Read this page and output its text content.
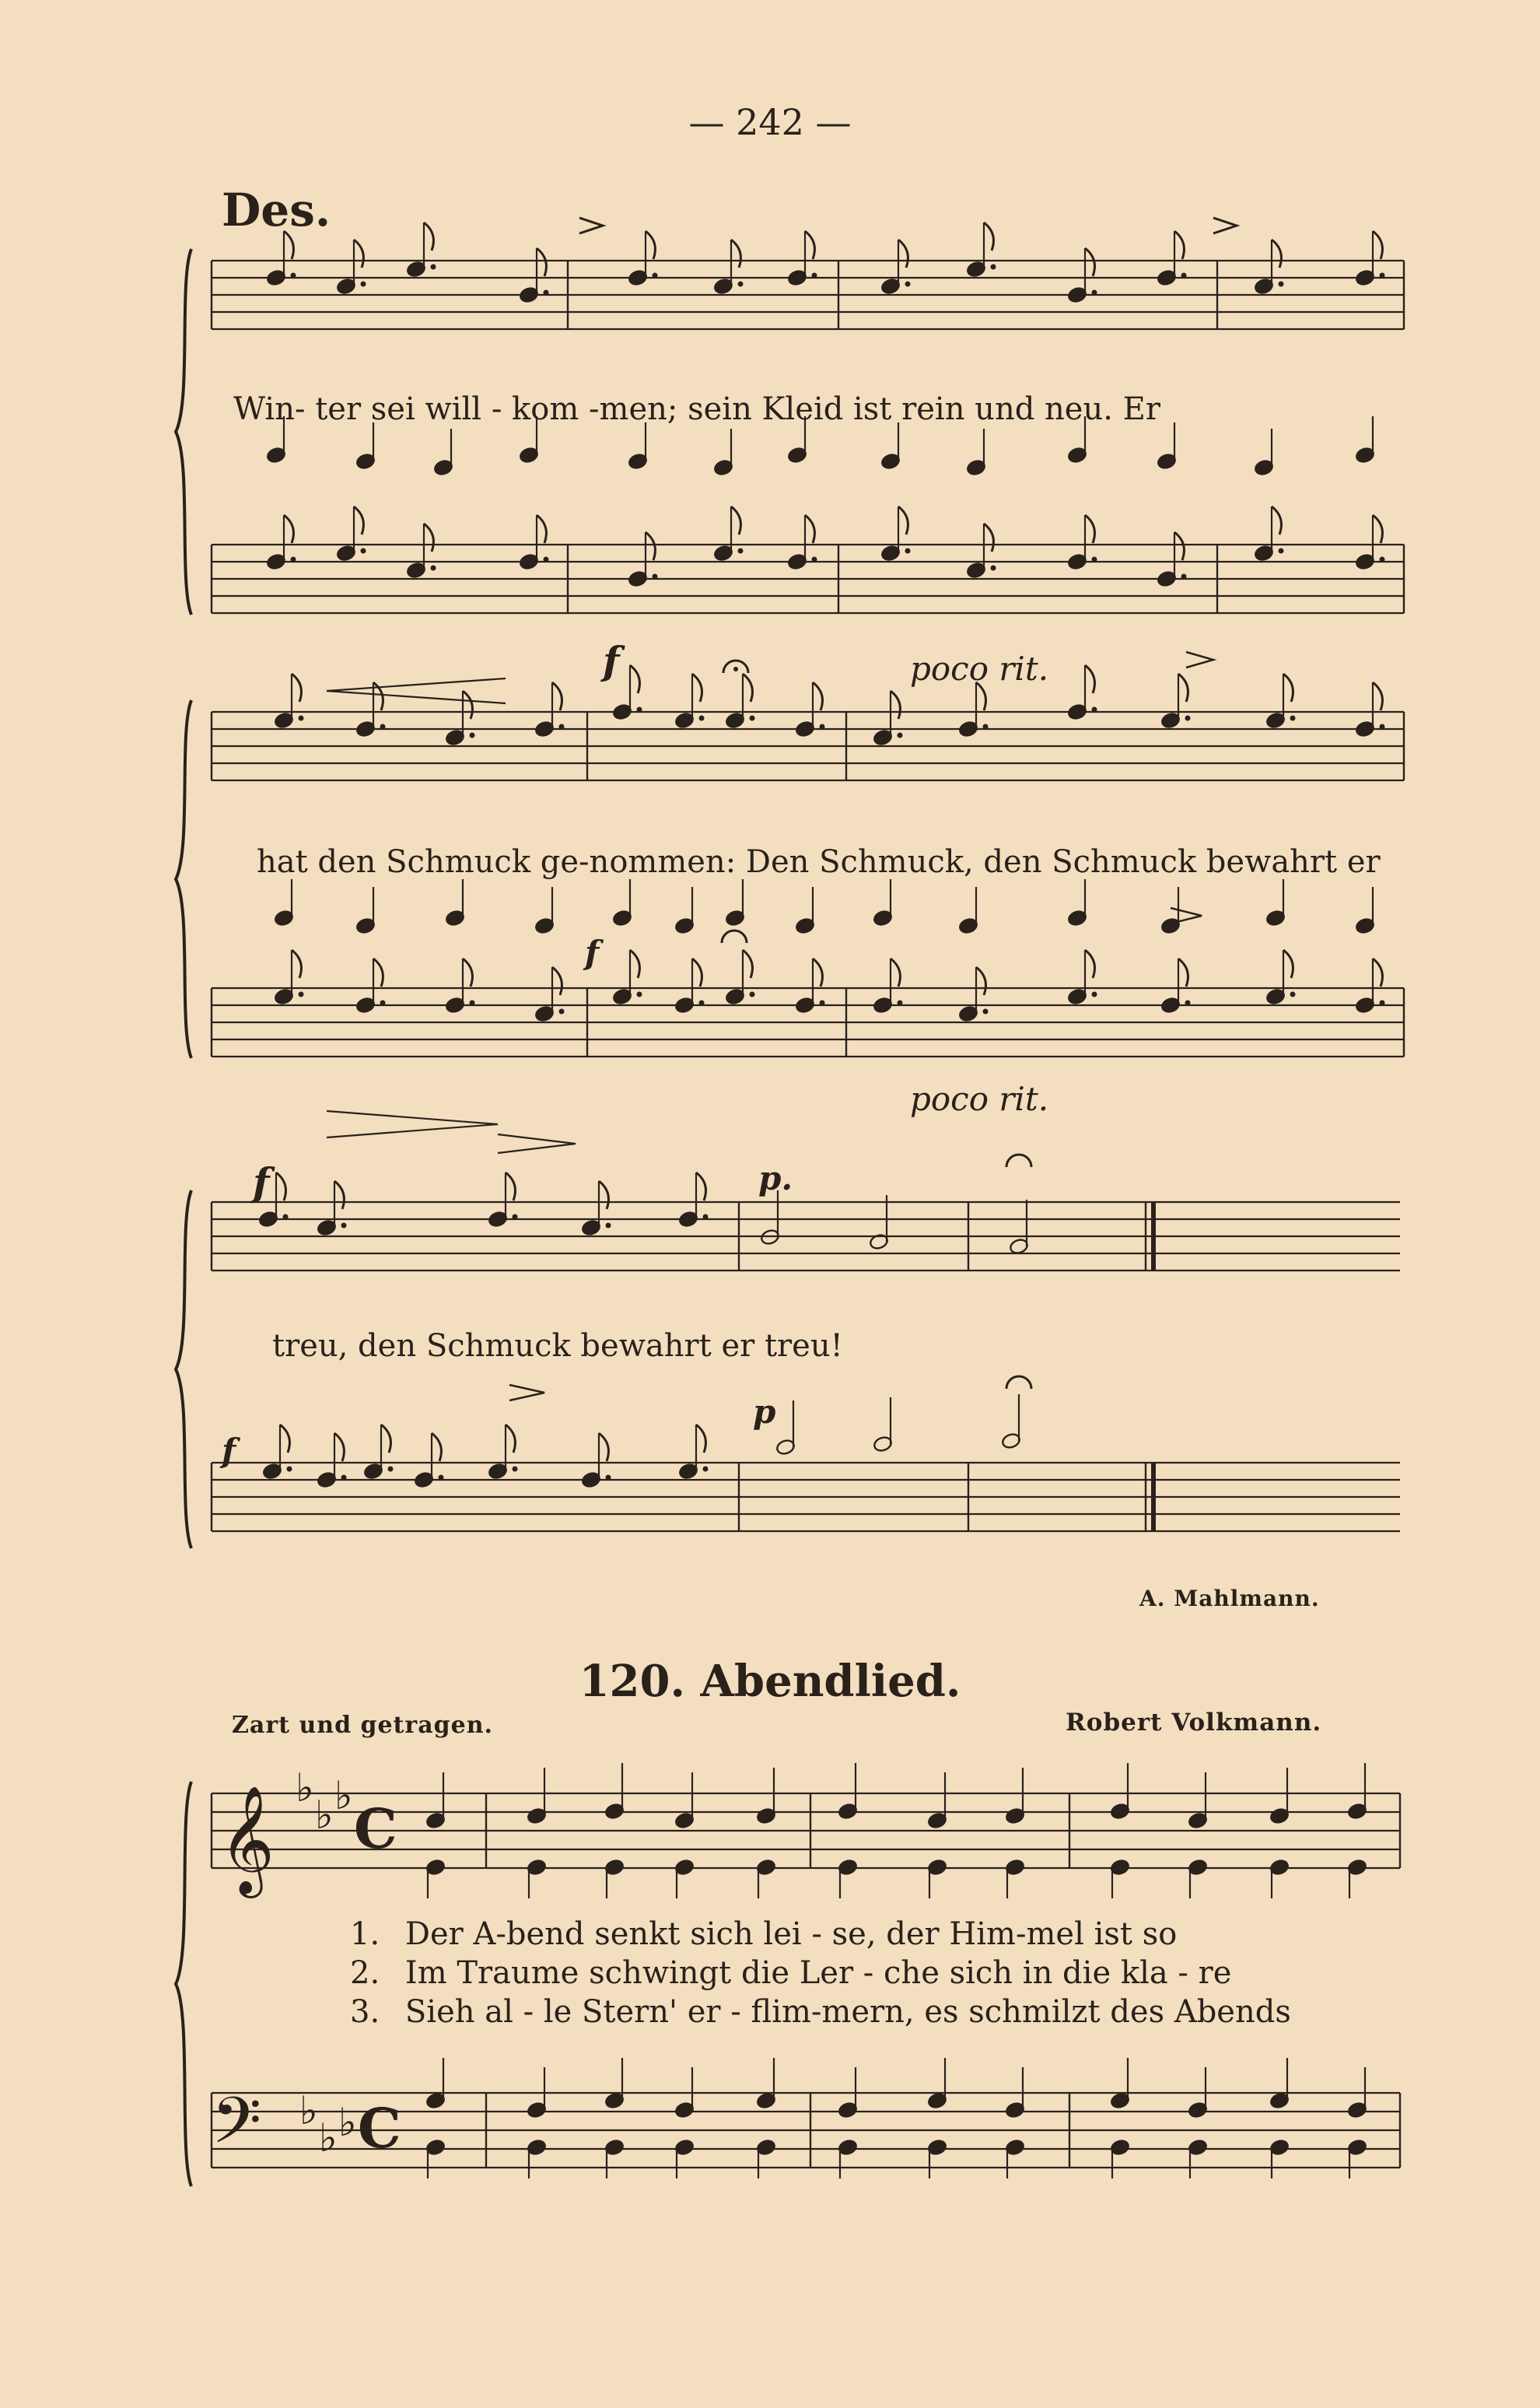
𝄞
𝄢
♭
♭ ♭
♭
♭ ♭
C
C
— 242 —
Des.
Win- ter sei will - kom -men; sein Kleid ist rein und neu. Er
f	poco rit.
hat den Schmuck ge-nommen: Den Schmuck, den Schmuck bewahrt er
f
poco rit.
f	p.
treu, den Schmuck bewahrt er treu!
f
p
A. Mahlmann.
120. Abendlied.
Zart und getragen.	Robert Volkmann.
1. Der A-bend senkt sich lei - se, der Him-mel ist so
2. Im Traume schwingt die Ler - che sich in die kla - re
3. Sieh al - le Stern' er - flim-mern, es schmilzt des Abends
